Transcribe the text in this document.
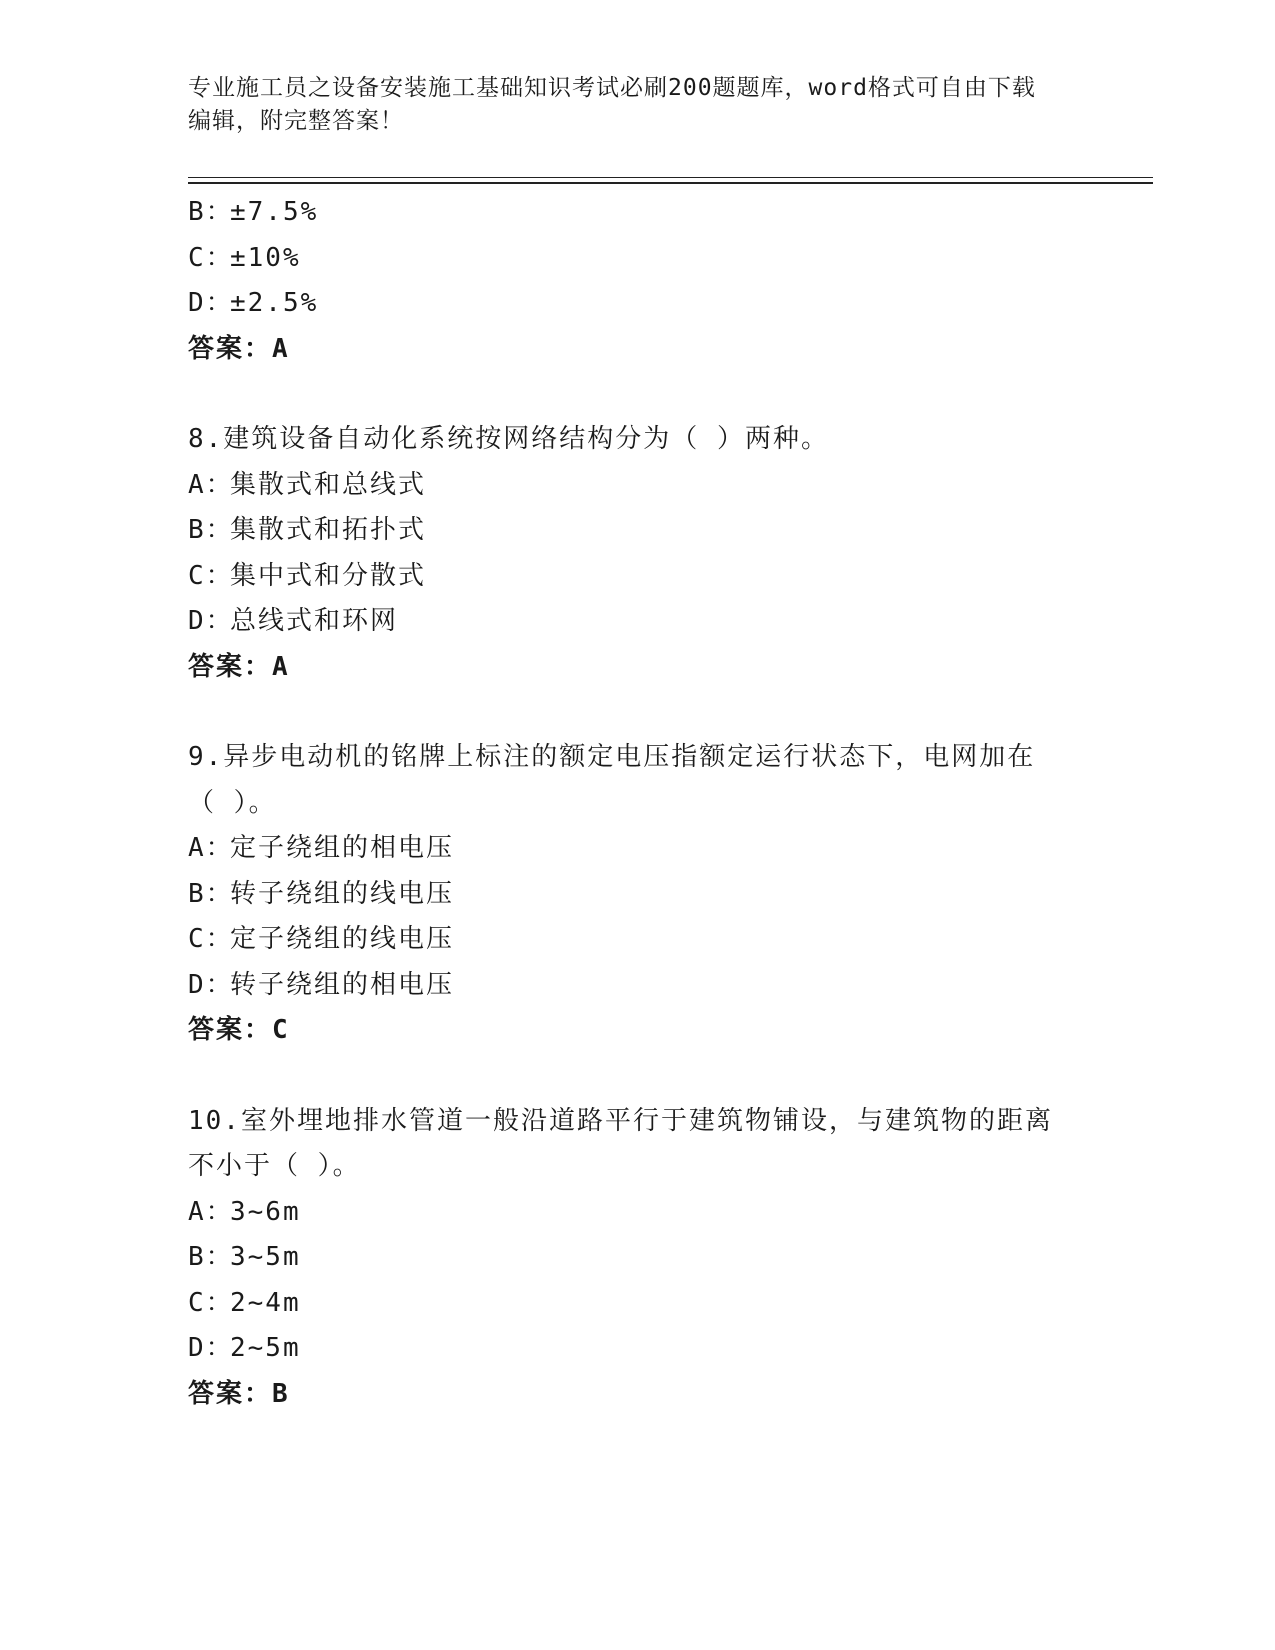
专业施工员之设备安装施工基础知识考试必刷200题题库，word格式可自由下载
编辑，附完整答案！
B：
±7.5%
C：
±10%
D：
±2.5%
答案：A
8.建筑设备自动化系统按网络结构分为（ ）两种。
A：
集散式和总线式
B：
集散式和拓扑式
C：
集中式和分散式
D：
总线式和环网
答案：A
9.异步电动机的铭牌上标注的额定电压指额定运行状态下，电网加在
（ ）。
A：
定子绕组的相电压
B：
转子绕组的线电压
C：
定子绕组的线电压
D：
转子绕组的相电压
答案：C
10.室外埋地排水管道一般沿道路平行于建筑物铺设，与建筑物的距离
不小于（ ）。
A：
3~6m
B：
3~5m
C：
2~4m
D：
2~5m
答案：B
